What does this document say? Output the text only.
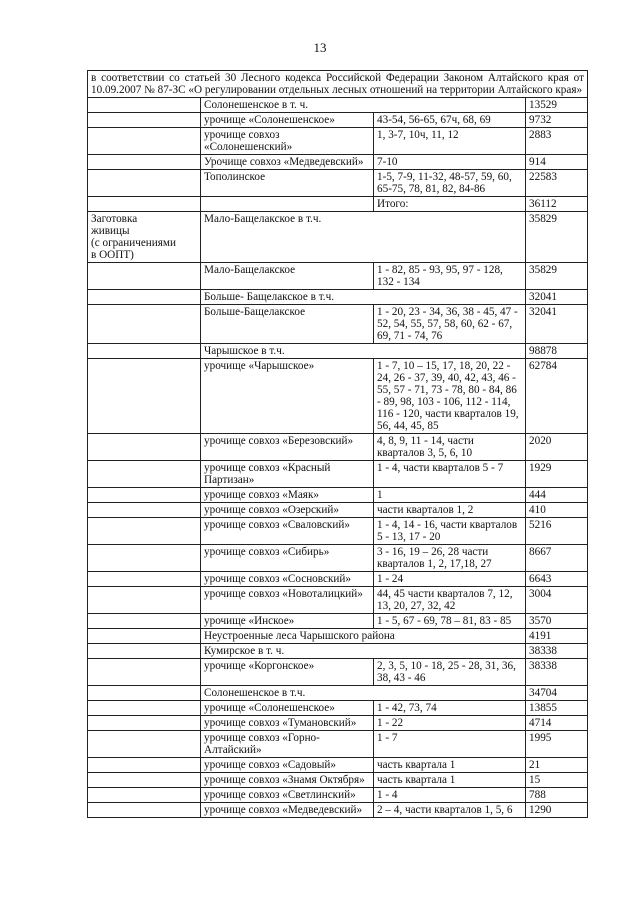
13
в соответствии со статьей 30 Лесного кодекса Российской Федерации Законом Алтайского края от 10.09.2007 № 87-ЗС «О регулировании отдельных лесных отношений на территории Алтайского края»			
	Солонешенское в т. ч.		13529
	урочище «Солонешенское»	43-54, 56-65, 67ч, 68, 69	9732
	урочище совхоз «Солонешенский»	1, 3-7, 10ч, 11, 12	2883
	Урочище совхоз «Медведевский»	7-10	914
	Тополинское	1-5, 7-9, 11-32, 48-57, 59, 60, 65-75, 78, 81, 82, 84-86	22583
		Итого:	36112
Заготовка
живицы
(с ограничениями
в ООПТ)	Мало-Бащелакское в т.ч.		35829
	Мало-Бащелакское	1 - 82, 85 - 93, 95, 97 - 128, 132 - 134	35829
	Больше- Бащелакское в т.ч.		32041
	Больше-Бащелакское	1 - 20, 23 - 34, 36, 38 - 45, 47 - 52, 54, 55, 57, 58, 60, 62 - 67, 69, 71 - 74, 76	32041
	Чарышское в т.ч.		98878
	урочище «Чарышское»	1 - 7, 10 – 15, 17, 18, 20, 22 - 24, 26 - 37, 39, 40, 42, 43, 46 - 55, 57 - 71, 73 - 78, 80 - 84, 86 - 89, 98, 103 - 106, 112 - 114, 116 - 120, части кварталов 19, 56, 44, 45, 85	62784
	урочище совхоз «Березовский»	4, 8, 9, 11 - 14, части кварталов 3, 5, 6, 10	2020
	урочище совхоз «Красный Партизан»	1 - 4, части кварталов 5 - 7	1929
	урочище совхоз «Маяк»	1	444
	урочище совхоз «Озерский»	части кварталов 1, 2	410
	урочище совхоз «Сваловский»	1 - 4, 14 - 16, части кварталов 5 - 13, 17 - 20	5216
	урочище совхоз «Сибирь»	3 - 16, 19 – 26, 28 части кварталов 1, 2, 17,18, 27	8667
	урочище совхоз «Сосновский»	1 - 24	6643
	урочище совхоз «Новоталицкий»	44, 45 части кварталов 7, 12, 13, 20, 27, 32, 42	3004
	урочище «Инское»	1 - 5, 67 - 69, 78 – 81, 83 - 85	3570
	Неустроенные леса Чарышского района		4191
	Кумирское в т. ч.		38338
	урочище «Коргонское»	2, 3, 5, 10 - 18, 25 - 28, 31, 36, 38, 43 - 46	38338
	Солонешенское в т.ч.		34704
	урочище «Солонешенское»	1 - 42, 73, 74	13855
	урочище совхоз «Тумановский»	1 - 22	4714
	урочище совхоз «Горно-Алтайский»	1 - 7	1995
	урочище совхоз «Садовый»	часть квартала 1	21
	урочище совхоз «Знамя Октября»	часть квартала 1	15
	урочище совхоз «Светлинский»	1 - 4	788
	урочище совхоз «Медведевский»	2 – 4, части кварталов 1, 5, 6	1290
